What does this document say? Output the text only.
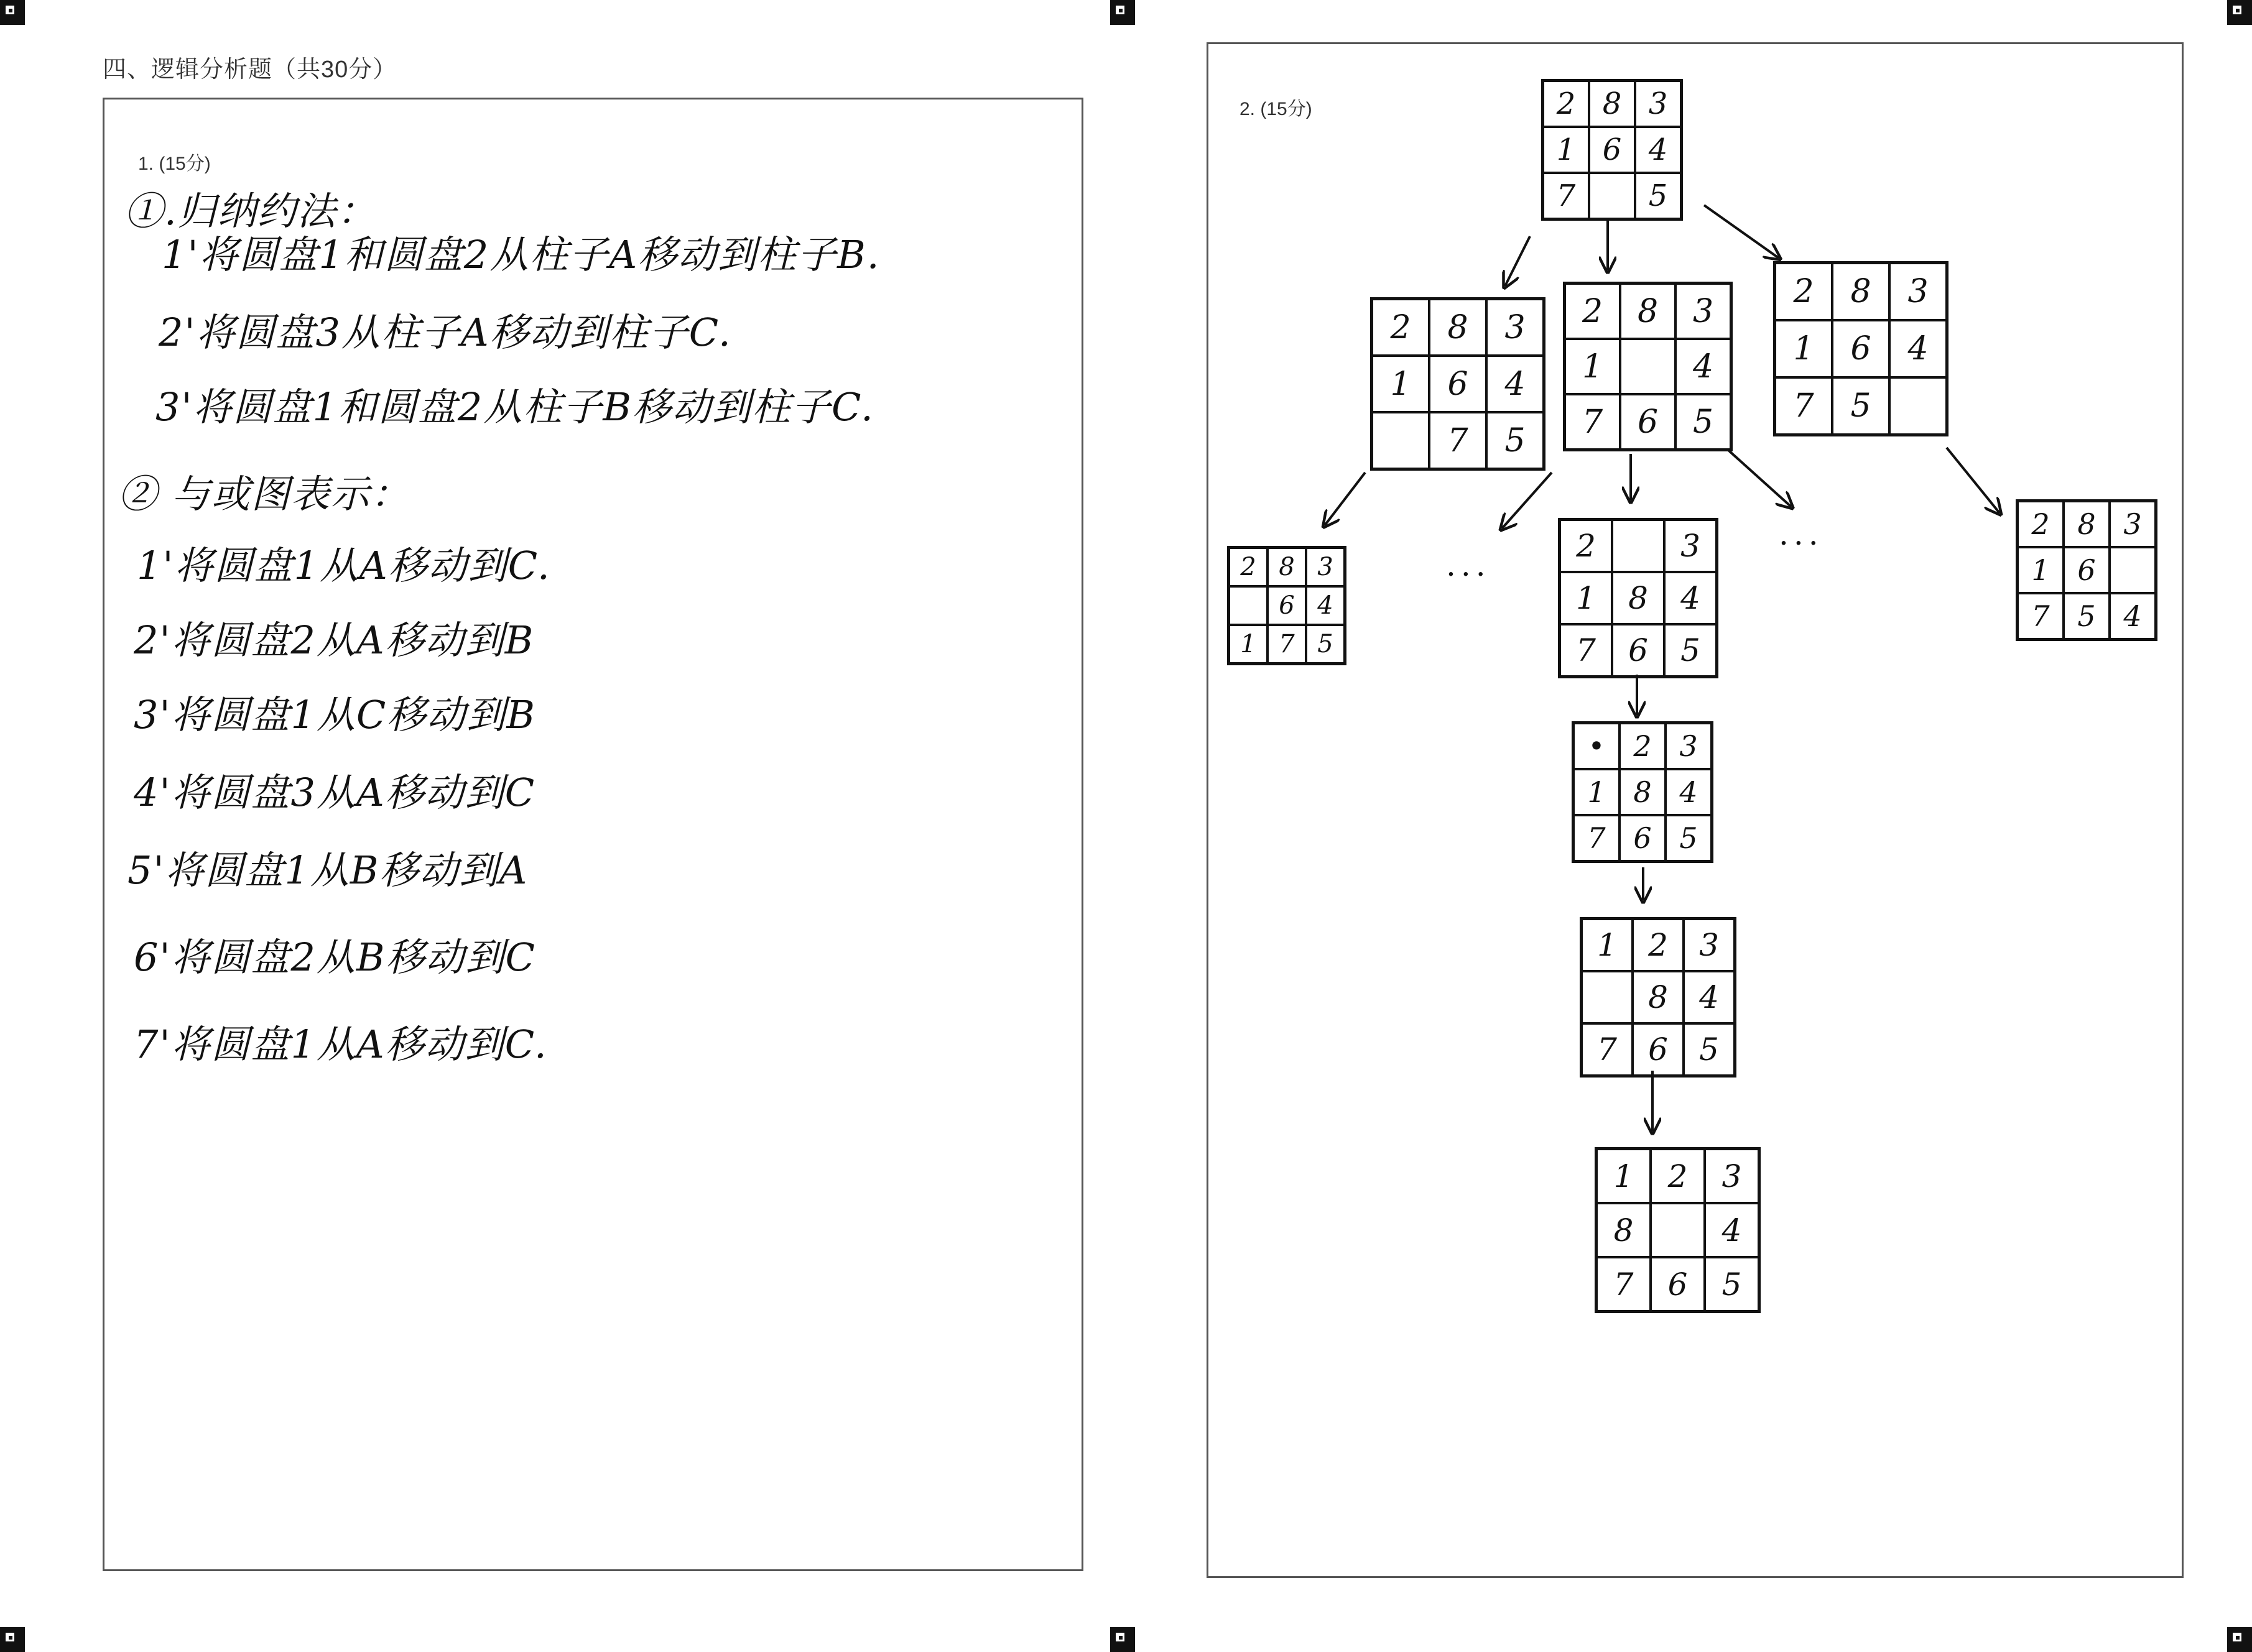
四、逻辑分析题（共30分）
1. (15分)
①.归纳约法：
1'将圆盘1和圆盘2从柱子A移动到柱子B.
2'将圆盘3从柱子A移动到柱子C.
3'将圆盘1和圆盘2从柱子B移动到柱子C.
② 与或图表示：
1'将圆盘1从A移动到C.
2'将圆盘2从A移动到B
3'将圆盘1从C移动到B
4'将圆盘3从A移动到C
5'将圆盘1从B移动到A
6'将圆盘2从B移动到C
7'将圆盘1从A移动到C.
2. (15分)
...
...
2	8	3
1	6	4
7		5
2	8	3
1	6	4
	7	5
2	8	3
1		4
7	6	5
2	8	3
1	6	4
7	5	
2	8	3
	6	4
1	7	5
2		3
1	8	4
7	6	5
2	8	3
1	6	
7	5	4
•	2	3
1	8	4
7	6	5
1	2	3
	8	4
7	6	5
1	2	3
8		4
7	6	5
